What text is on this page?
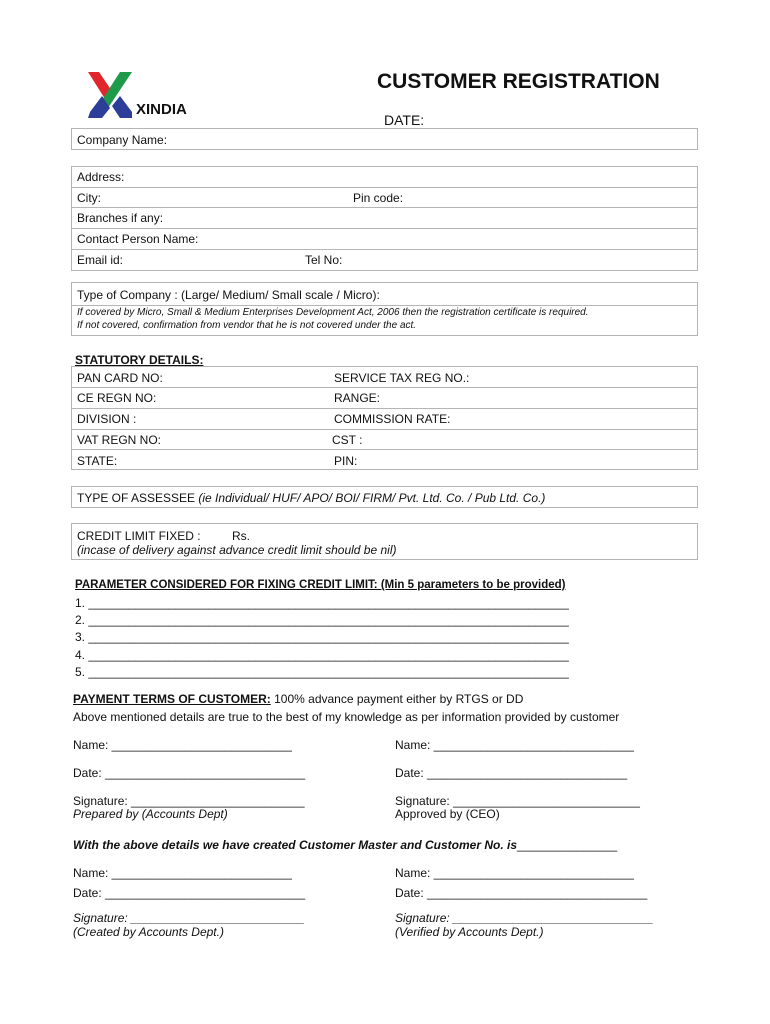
XINDIA
CUSTOMER REGISTRATION
DATE:
Company Name:
Address:
City:	Pin code:
Branches if any:
Contact Person Name:
Email id:	Tel No:
Type of Company : (Large/ Medium/ Small scale / Micro):
If covered by Micro, Small & Medium Enterprises Development Act, 2006 then the registration certificate is required.
If not covered, confirmation from vendor that he is not covered under the act.
STATUTORY DETAILS:
PAN CARD NO:	SERVICE TAX REG NO.:
CE REGN NO:	RANGE:
DIVISION :	COMMISSION RATE:
VAT REGN NO:	CST :
STATE:	PIN:
TYPE OF ASSESSEE (ie Individual/ HUF/ APO/ BOI/ FIRM/ Pvt. Ltd. Co. / Pub Ltd. Co.)
CREDIT LIMIT FIXED :	Rs.
(incase of delivery against advance credit limit should be nil)
PARAMETER CONSIDERED FOR FIXING CREDIT LIMIT: (Min 5 parameters to be provided)
1. ________________________________________________________________________
2. ________________________________________________________________________
3. ________________________________________________________________________
4. ________________________________________________________________________
5. ________________________________________________________________________
PAYMENT TERMS OF CUSTOMER: 100% advance payment either by RTGS or DD
Above mentioned details are true to the best of my knowledge as per information provided by customer
Name: ___________________________	Name: ______________________________
Date: ______________________________	Date: ______________________________
Signature: __________________________	Signature: ____________________________
Prepared by (Accounts Dept)	Approved by (CEO)
With the above details we have created Customer Master and Customer No. is_______________
Name: ___________________________	Name: ______________________________
Date: ______________________________	Date: _________________________________
Signature: __________________________	Signature: ______________________________
(Created by Accounts Dept.)	(Verified by Accounts Dept.)
